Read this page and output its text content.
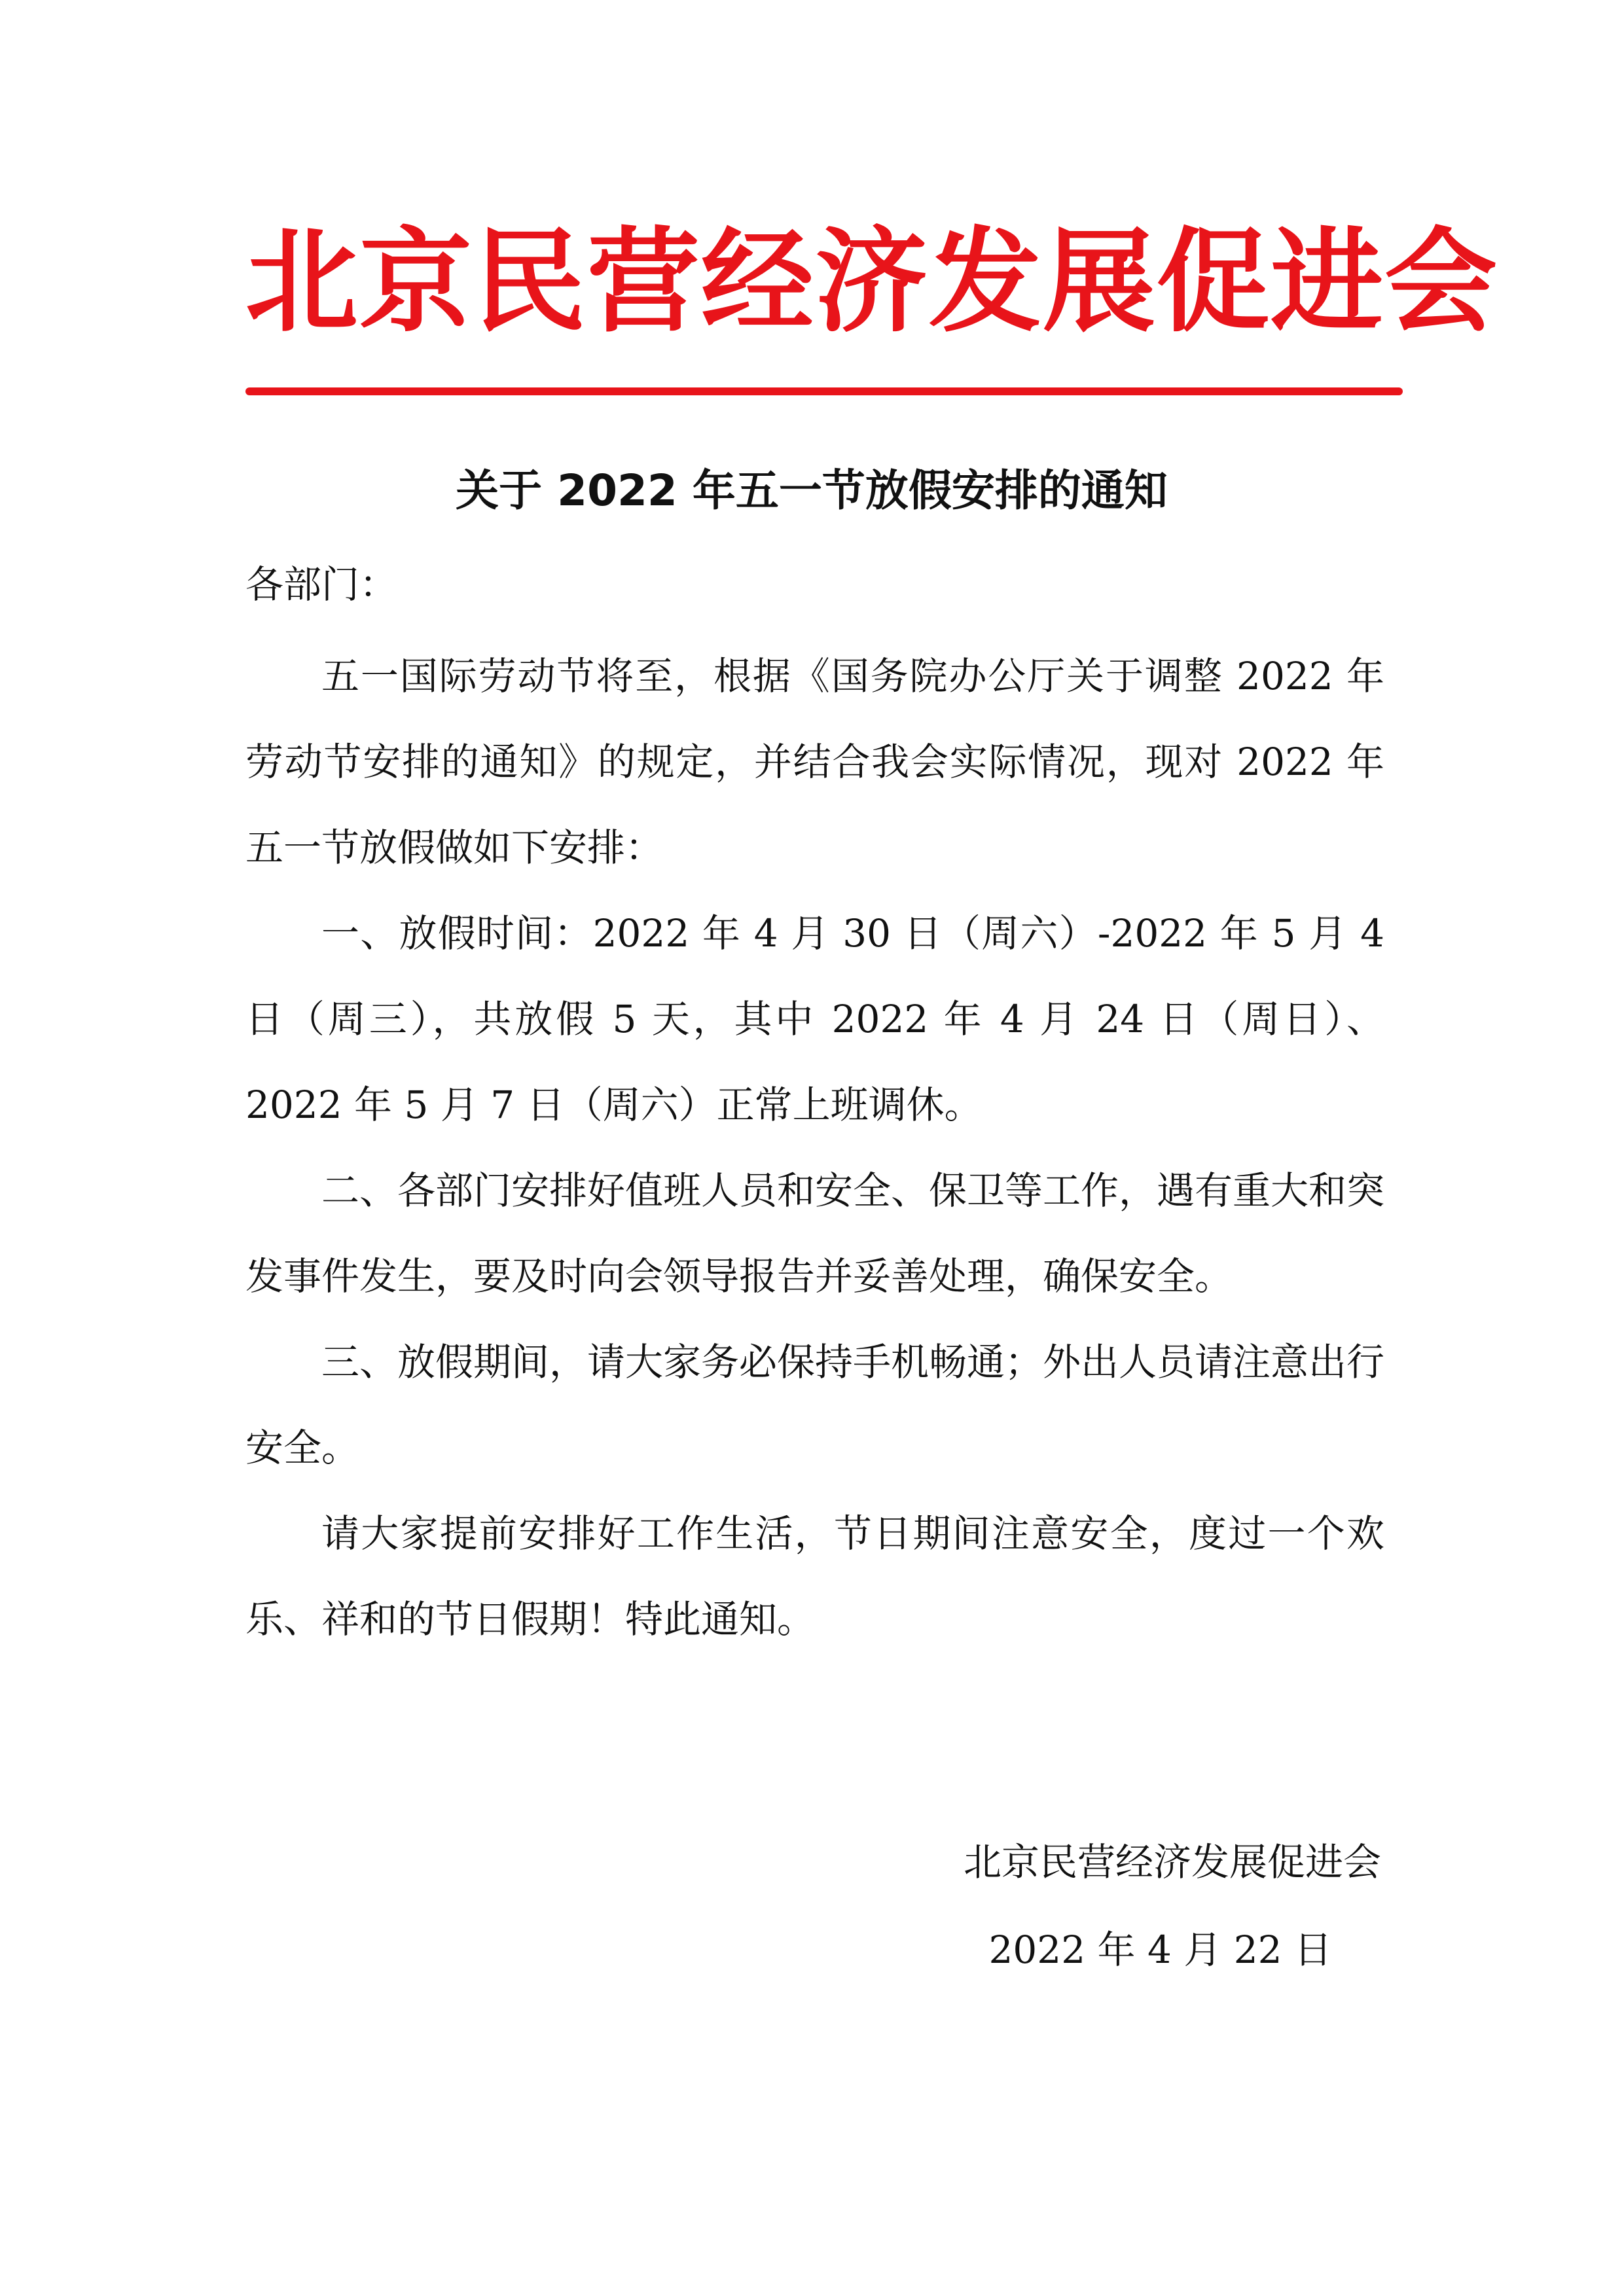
北京民营经济发展促进会
关于 2022 年五一节放假安排的通知
各部门：

五一国际劳动节将至，根据《国务院办公厅关于调整 2022 年劳动节安排的通知》的规定，并结合我会实际情况，现对 2022 年五一节放假做如下安排：

一、放假时间：2022 年 4 月 30 日（周六）-2022 年 5 月 4 日（周三），共放假 5 天，其中 2022 年 4 月 24 日（周日）、2022 年 5 月 7 日（周六）正常上班调休。

二、各部门安排好值班人员和安全、保卫等工作，遇有重大和突发事件发生，要及时向会领导报告并妥善处理，确保安全。

三、放假期间，请大家务必保持手机畅通；外出人员请注意出行安全。

请大家提前安排好工作生活，节日期间注意安全，度过一个欢乐、祥和的节日假期！特此通知。

北京民营经济发展促进会
2022 年 4 月 22 日
